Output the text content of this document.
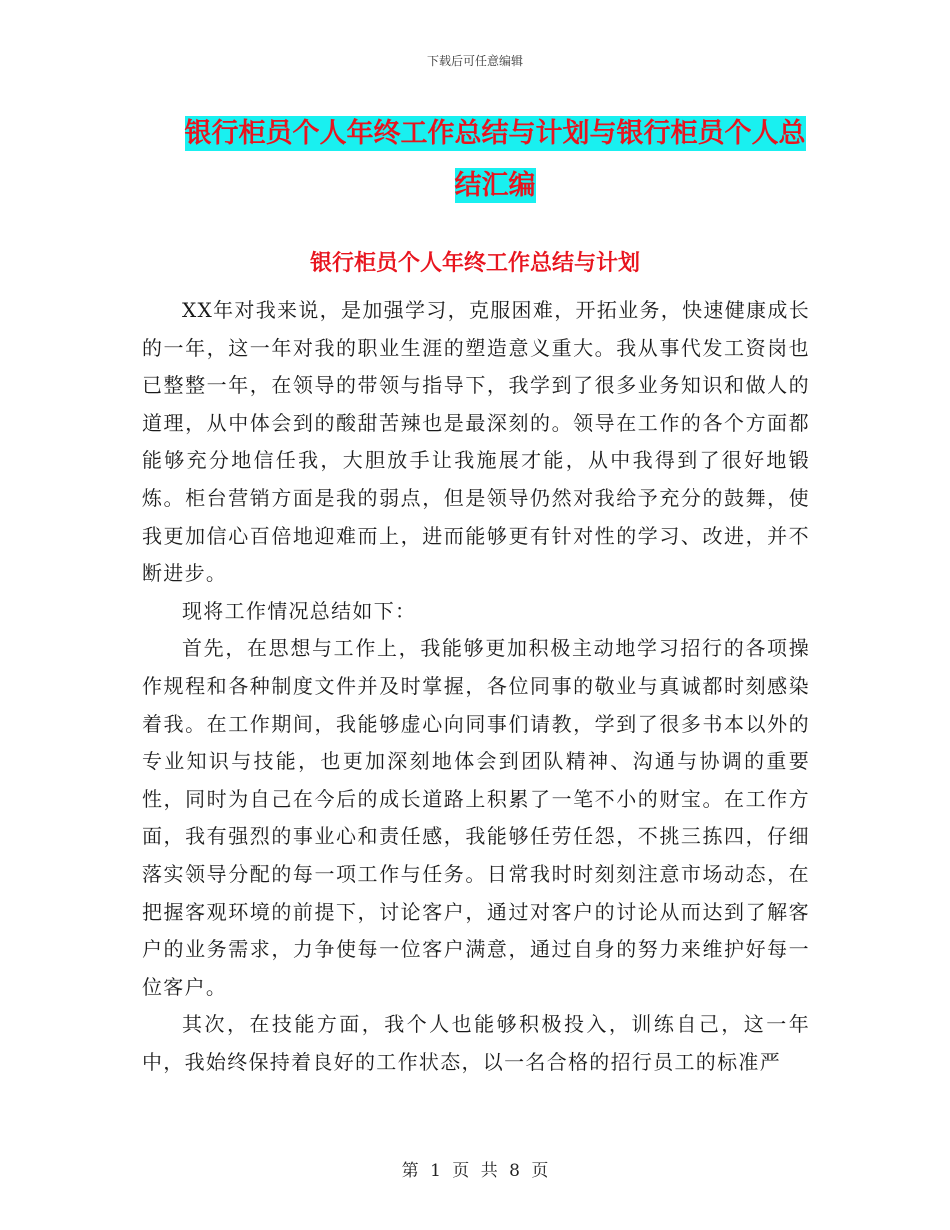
下载后可任意编辑
银行柜员个人年终工作总结与计划与银行柜员个人总
结汇编
银行柜员个人年终工作总结与计划

XX年对我来说，是加强学习，克服困难，开拓业务，快速健康成长的一年，这一年对我的职业生涯的塑造意义重大。我从事代发工资岗也已整整一年，在领导的带领与指导下，我学到了很多业务知识和做人的道理，从中体会到的酸甜苦辣也是最深刻的。领导在工作的各个方面都能够充分地信任我，大胆放手让我施展才能，从中我得到了很好地锻炼。柜台营销方面是我的弱点，但是领导仍然对我给予充分的鼓舞，使我更加信心百倍地迎难而上，进而能够更有针对性的学习、改进，并不断进步。

现将工作情况总结如下：

首先，在思想与工作上，我能够更加积极主动地学习招行的各项操作规程和各种制度文件并及时掌握，各位同事的敬业与真诚都时刻感染着我。在工作期间，我能够虚心向同事们请教，学到了很多书本以外的专业知识与技能，也更加深刻地体会到团队精神、沟通与协调的重要性，同时为自己在今后的成长道路上积累了一笔不小的财宝。在工作方面，我有强烈的事业心和责任感，我能够任劳任怨，不挑三拣四，仔细落实领导分配的每一项工作与任务。日常我时时刻刻注意市场动态，在把握客观环境的前提下，讨论客户，通过对客户的讨论从而达到了解客户的业务需求，力争使每一位客户满意，通过自身的努力来维护好每一位客户。

其次，在技能方面，我个人也能够积极投入，训练自己，这一年中，我始终保持着良好的工作状态，以一名合格的招行员工的标准严

第 1 页 共 8 页
